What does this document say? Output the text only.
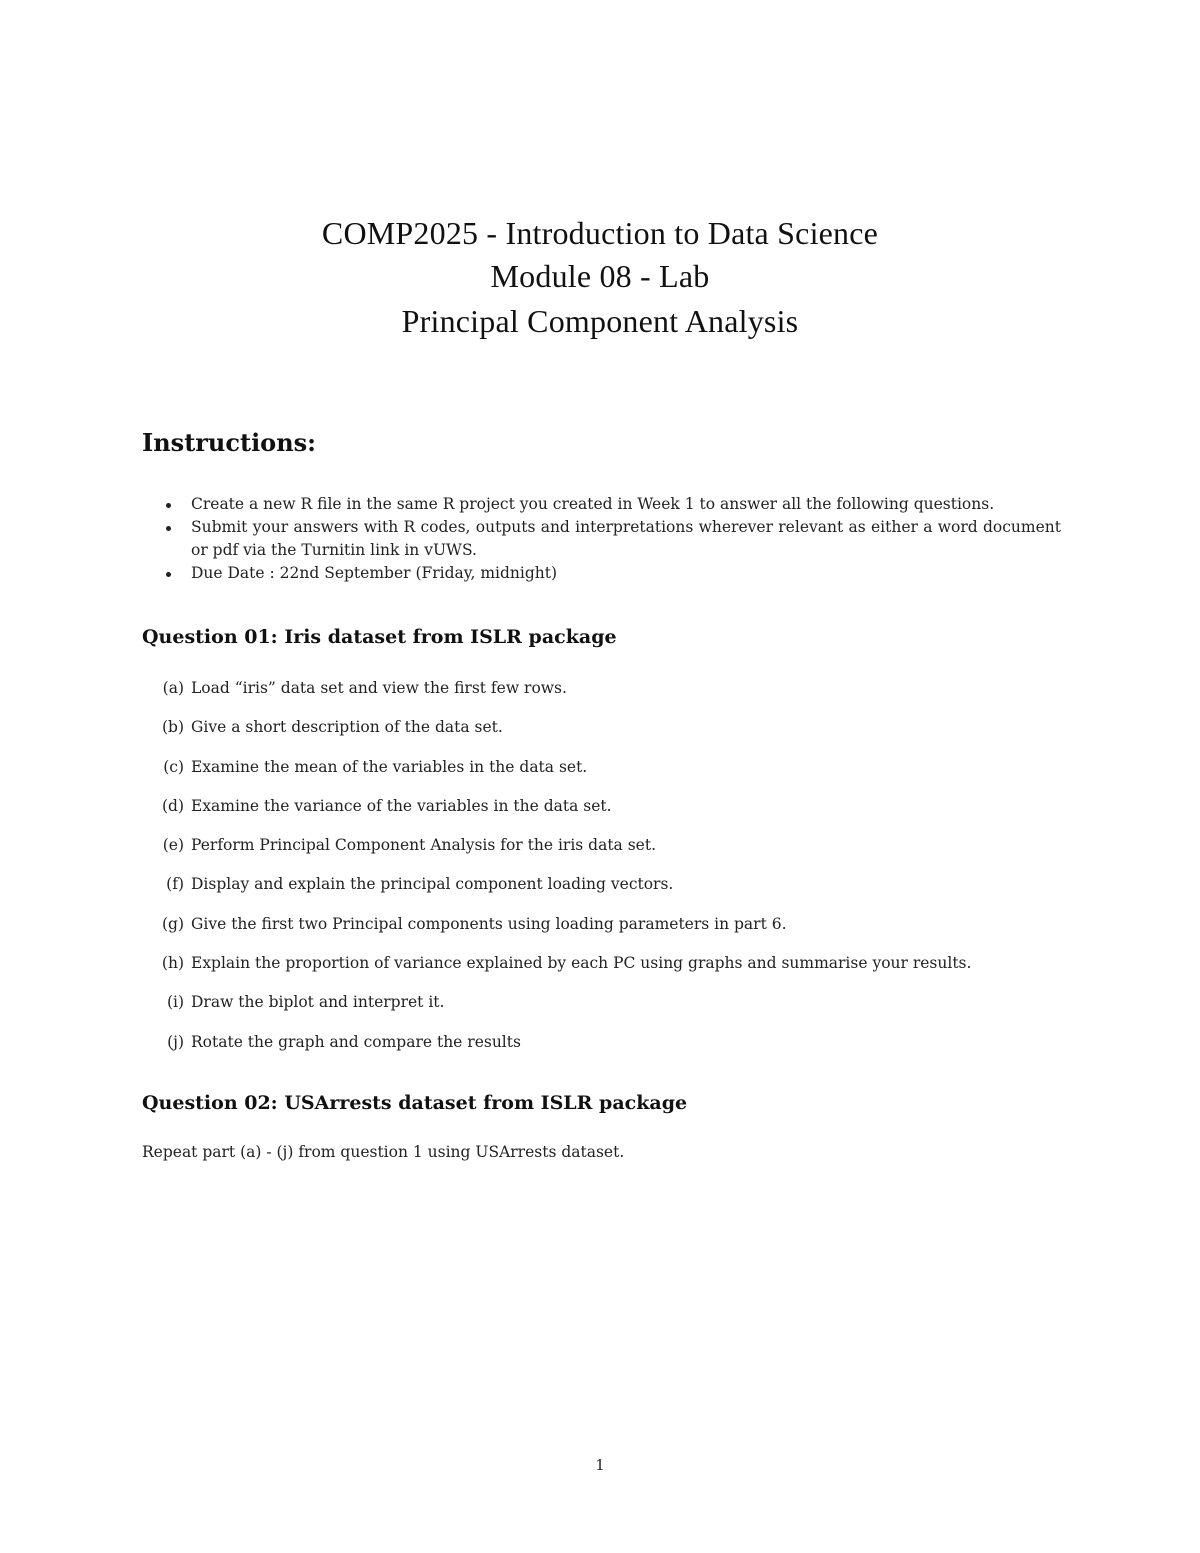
COMP2025 - Introduction to Data Science
Module 08 - Lab
Principal Component Analysis
Instructions:
Create a new R file in the same R project you created in Week 1 to answer all the following questions.
Submit your answers with R codes, outputs and interpretations wherever relevant as either a word document or pdf via the Turnitin link in vUWS.
Due Date : 22nd September (Friday, midnight)
Question 01: Iris dataset from ISLR package
(a) Load “iris” data set and view the first few rows.
(b) Give a short description of the data set.
(c) Examine the mean of the variables in the data set.
(d) Examine the variance of the variables in the data set.
(e) Perform Principal Component Analysis for the iris data set.
(f) Display and explain the principal component loading vectors.
(g) Give the first two Principal components using loading parameters in part 6.
(h) Explain the proportion of variance explained by each PC using graphs and summarise your results.
(i) Draw the biplot and interpret it.
(j) Rotate the graph and compare the results
Question 02: USArrests dataset from ISLR package
Repeat part (a) - (j) from question 1 using USArrests dataset.
1
